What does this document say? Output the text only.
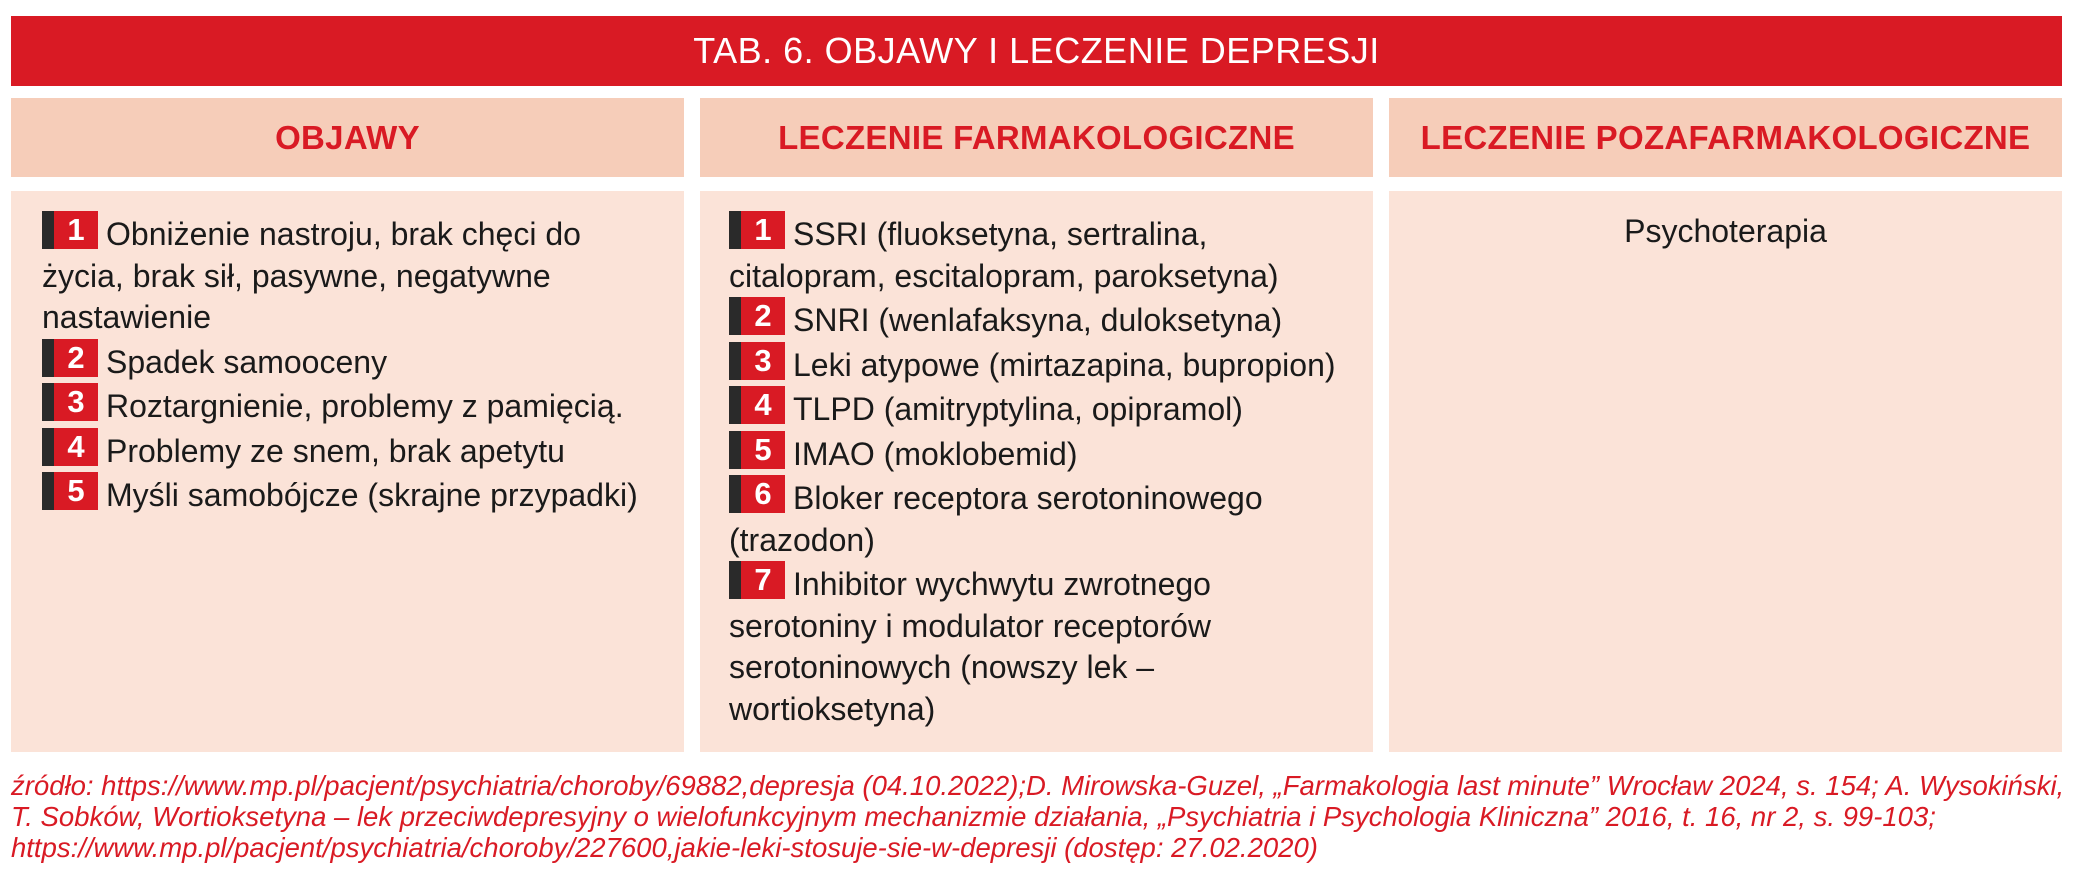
TAB. 6. OBJAWY I LECZENIE DEPRESJI
OBJAWY	LECZENIE FARMAKOLOGICZNE	LECZENIE POZAFARMAKOLOGICZNE

1 Obniżenie nastroju, brak chęci do życia, brak sił, pasywne, negatywne nastawienie

2 Spadek samooceny

3 Roztargnienie, problemy z pamięcią.

4 Problemy ze snem, brak apetytu

5 Myśli samobójcze (skrajne przypadki)

1 SSRI (fluoksetyna, sertralina, citalopram, escitalopram, paroksetyna)

2 SNRI (wenlafaksyna, duloksetyna)

3 Leki atypowe (mirtazapina, bupropion)

4 TLPD (amitryptylina, opipramol)

5 IMAO (moklobemid)

6 Bloker receptora serotoninowego (trazodon)

7 Inhibitor wychwytu zwrotnego serotoniny i modulator receptorów serotoninowych (nowszy lek – wortioksetyna)

Psychoterapia

źródło: https://www.mp.pl/pacjent/psychiatria/choroby/69882,depresja (04.10.2022);D. Mirowska-Guzel, „Farmakologia last minute” Wrocław 2024, s. 154; A. Wysokiński,

T. Sobków, Wortioksetyna – lek przeciwdepresyjny o wielofunkcyjnym mechanizmie działania, „Psychiatria i Psychologia Kliniczna” 2016, t. 16, nr 2, s. 99-103;

https://www.mp.pl/pacjent/psychiatria/choroby/227600,jakie-leki-stosuje-sie-w-depresji (dostęp: 27.02.2020)
